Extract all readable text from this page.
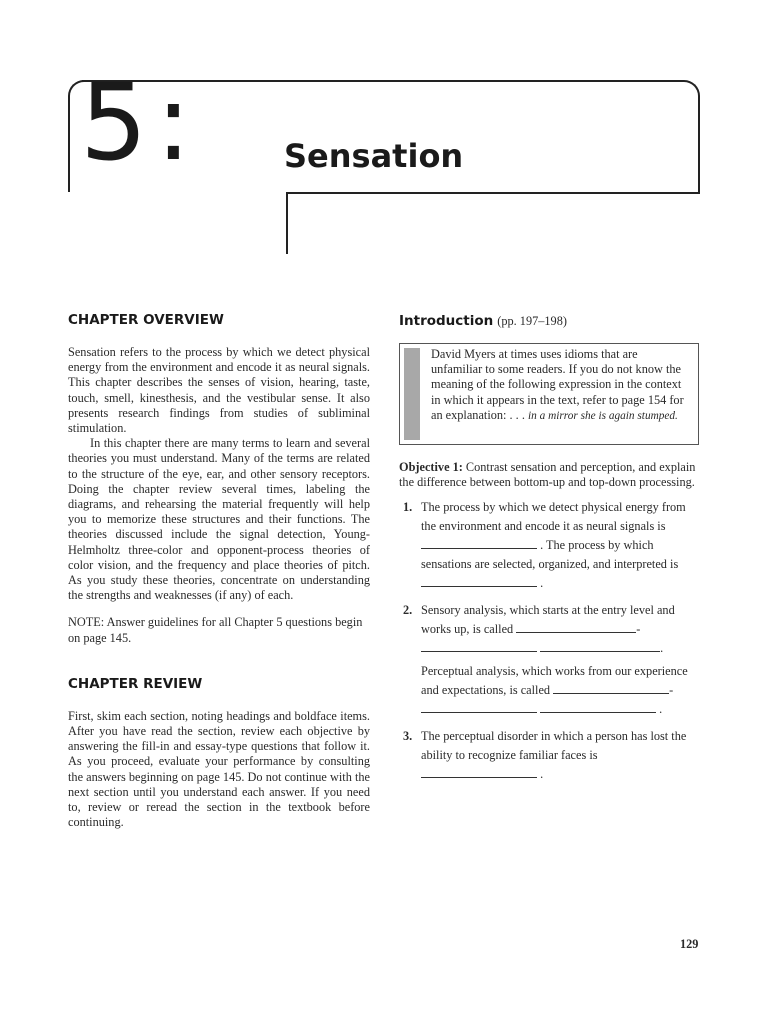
5:	Sensation
CHAPTER OVERVIEW

Sensation refers to the process by which we detect physical energy from the environment and encode it as neural signals. This chapter describes the senses of vision, hearing, taste, touch, smell, kinesthesis, and the vestibular sense. It also presents research findings from studies of subliminal stimulation.

In this chapter there are many terms to learn and several theories you must understand. Many of the terms are related to the structure of the eye, ear, and other sensory receptors. Doing the chapter review several times, labeling the diagrams, and rehearsing the material frequently will help you to memorize these structures and their functions. The theories discussed include the signal detection, Young-Helmholtz three-color and opponent-process theories of color vision, and the frequency and place theories of pitch. As you study these theories, concentrate on understanding the strengths and weaknesses (if any) of each.

NOTE: Answer guidelines for all Chapter 5 questions begin on page 145.

CHAPTER REVIEW

First, skim each section, noting headings and boldface items. After you have read the section, review each objective by answering the fill-in and essay-type questions that follow it. As you proceed, evaluate your performance by consulting the answers beginning on page 145. Do not continue with the next section until you understand each answer. If you need to, review or reread the section in the textbook before continuing.

Introduction (pp. 197–198)
David Myers at times uses idioms that are unfamiliar to some readers. If you do not know the meaning of the following expression in the context in which it appears in the text, refer to page 154 for an explanation: . . . in a mirror she is again stumped.
Objective 1: Contrast sensation and perception, and explain the difference between bottom-up and top-down processing.
1. The process by which we detect physical energy from the environment and encode it as neural signals is  . The process by which sensations are selected, organized, and interpreted is  .
2. Sensory analysis, which starts at the entry level and works up, is called	-  .
Perceptual analysis, which works from our experience and expectations, is called	-  .
3. The perceptual disorder in which a person has lost the ability to recognize familiar faces is  .
129
